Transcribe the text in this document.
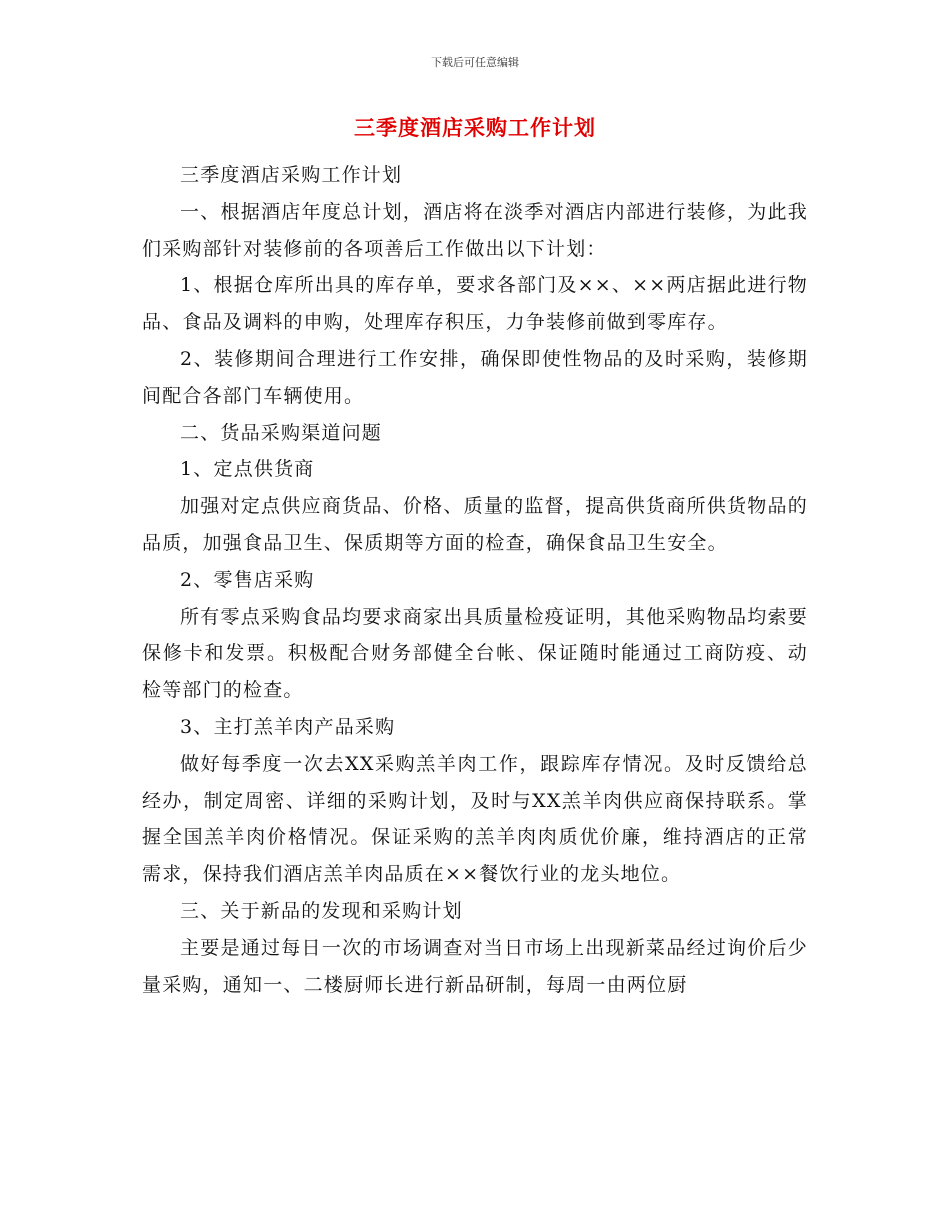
下载后可任意编辑
三季度酒店采购工作计划

三季度酒店采购工作计划

一、根据酒店年度总计划，酒店将在淡季对酒店内部进行装修，为此我们采购部针对装修前的各项善后工作做出以下计划：

1、根据仓库所出具的库存单，要求各部门及××、××两店据此进行物品、食品及调料的申购，处理库存积压，力争装修前做到零库存。

2、装修期间合理进行工作安排，确保即使性物品的及时采购，装修期间配合各部门车辆使用。

二、货品采购渠道问题

1、定点供货商

加强对定点供应商货品、价格、质量的监督，提高供货商所供货物品的品质，加强食品卫生、保质期等方面的检查，确保食品卫生安全。

2、零售店采购

所有零点采购食品均要求商家出具质量检疫证明，其他采购物品均索要保修卡和发票。积极配合财务部健全台帐、保证随时能通过工商防疫、动检等部门的检查。

3、主打羔羊肉产品采购

做好每季度一次去XX采购羔羊肉工作，跟踪库存情况。及时反馈给总经办，制定周密、详细的采购计划，及时与XX羔羊肉供应商保持联系。掌握全国羔羊肉价格情况。保证采购的羔羊肉肉质优价廉，维持酒店的正常需求，保持我们酒店羔羊肉品质在××餐饮行业的龙头地位。

三、关于新品的发现和采购计划

主要是通过每日一次的市场调查对当日市场上出现新菜品经过询价后少量采购，通知一、二楼厨师长进行新品研制，每周一由两位厨
